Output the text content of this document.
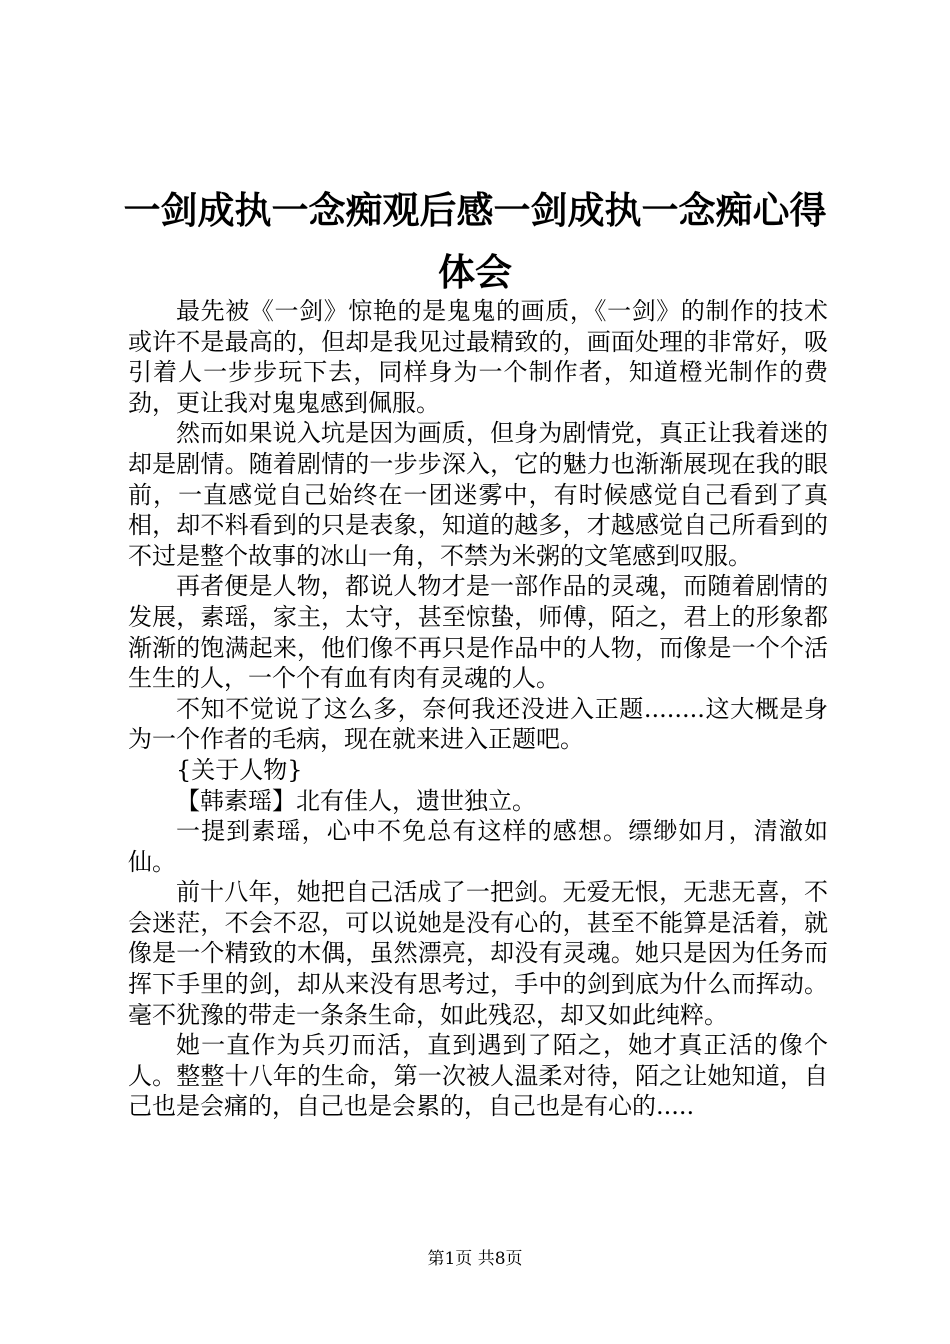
一剑成执一念痴观后感一剑成执一念痴心得体会

最先被《一剑》惊艳的是鬼鬼的画质，《一剑》的制作的技术或许不是最高的，但却是我见过最精致的，画面处理的非常好，吸引着人一步步玩下去，同样身为一个制作者，知道橙光制作的费劲，更让我对鬼鬼感到佩服。

然而如果说入坑是因为画质，但身为剧情党，真正让我着迷的却是剧情。随着剧情的一步步深入，它的魅力也渐渐展现在我的眼前，一直感觉自己始终在一团迷雾中，有时候感觉自己看到了真相，却不料看到的只是表象，知道的越多，才越感觉自己所看到的不过是整个故事的冰山一角，不禁为米粥的文笔感到叹服。

再者便是人物，都说人物才是一部作品的灵魂，而随着剧情的发展，素瑶，家主，太守，甚至惊蛰，师傅，陌之，君上的形象都渐渐的饱满起来，他们像不再只是作品中的人物，而像是一个个活生生的人，一个个有血有肉有灵魂的人。

不知不觉说了这么多，奈何我还没进入正题........这大概是身为一个作者的毛病，现在就来进入正题吧。

{关于人物}

【韩素瑶】北有佳人，遗世独立。

一提到素瑶，心中不免总有这样的感想。缥缈如月，清澈如仙。

前十八年，她把自己活成了一把剑。无爱无恨，无悲无喜，不会迷茫，不会不忍，可以说她是没有心的，甚至不能算是活着，就像是一个精致的木偶，虽然漂亮，却没有灵魂。她只是因为任务而挥下手里的剑，却从来没有思考过，手中的剑到底为什么而挥动。毫不犹豫的带走一条条生命，如此残忍，却又如此纯粹。

她一直作为兵刃而活，直到遇到了陌之，她才真正活的像个人。整整十八年的生命，第一次被人温柔对待，陌之让她知道，自己也是会痛的，自己也是会累的，自己也是有心的.....

第1页 共8页
